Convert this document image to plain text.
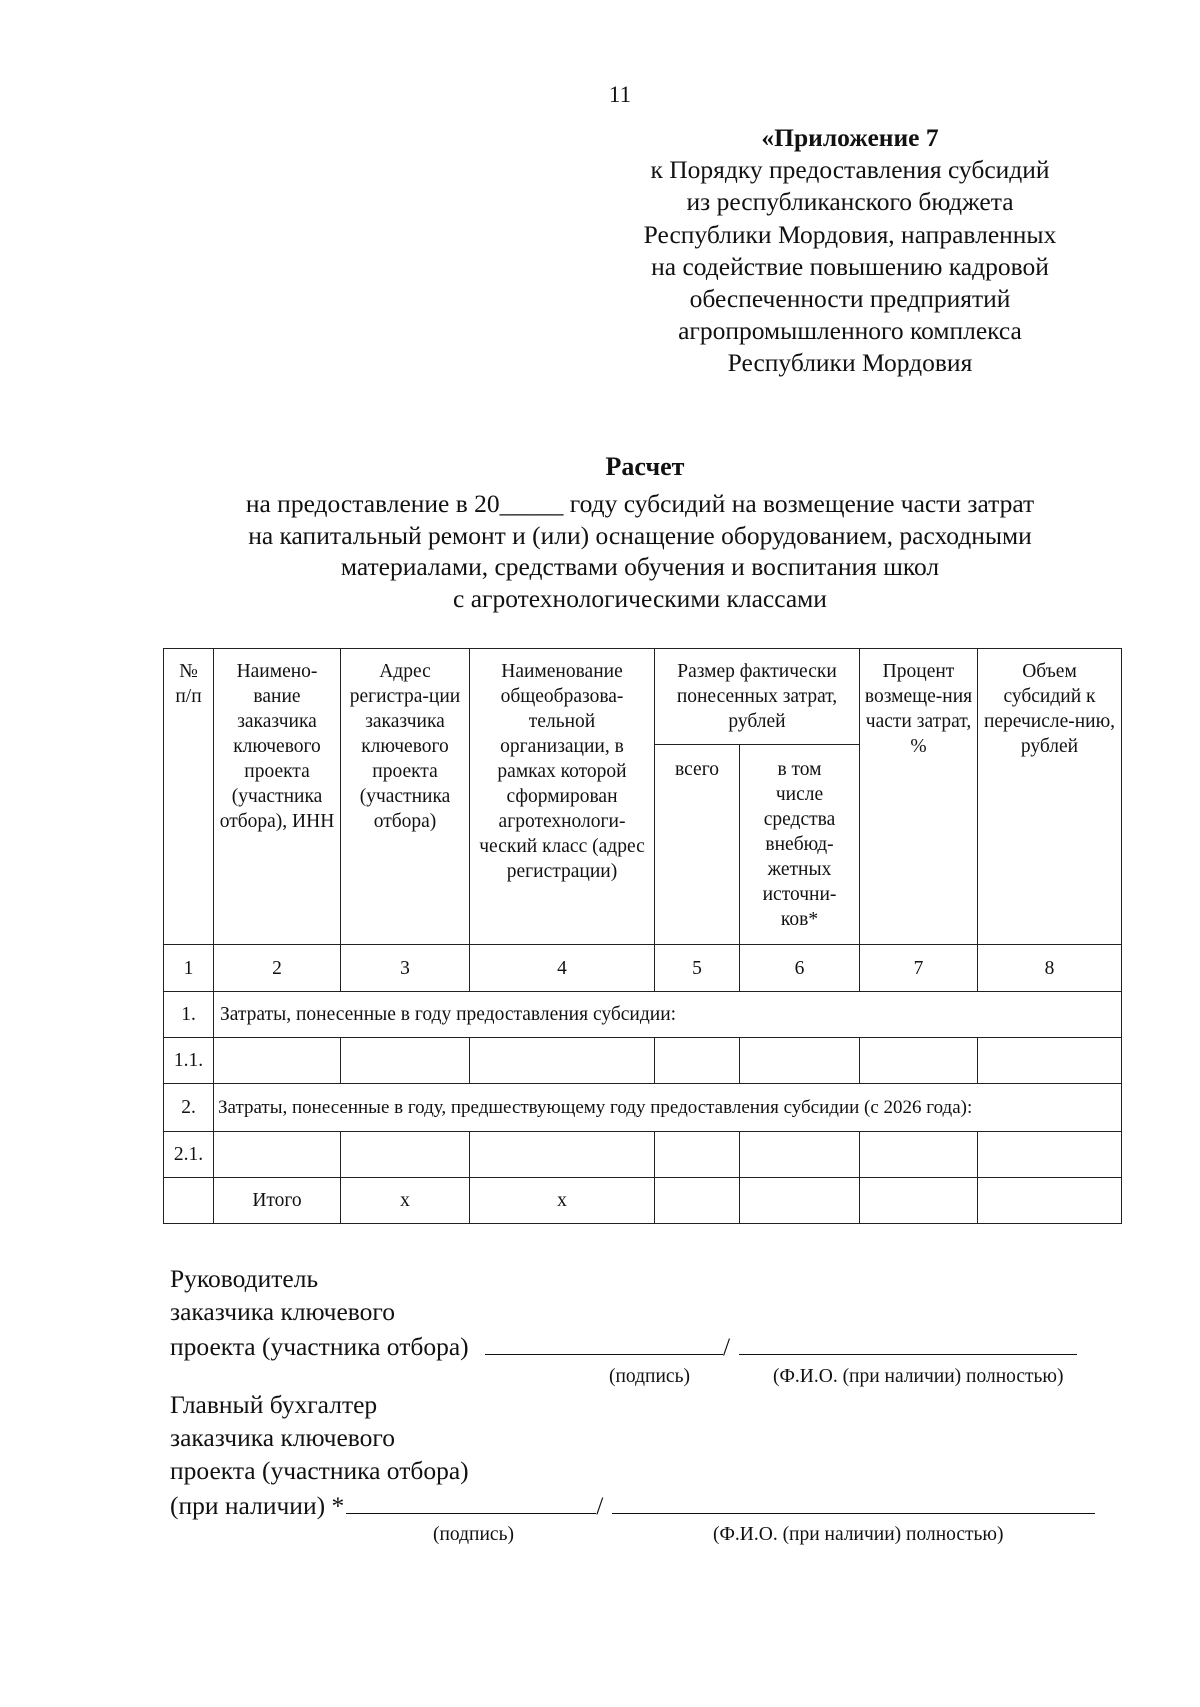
11
«Приложение 7
к Порядку предоставления субсидий
из республиканского бюджета
Республики Мордовия, направленных
на содействие повышению кадровой
обеспеченности предприятий
агропромышленного комплекса
Республики Мордовия
Расчет
на предоставление в 20_____ году субсидий на возмещение части затрат
на капитальный ремонт и (или) оснащение оборудованием, расходными
материалами, средствами обучения и воспитания школ
с агротехнологическими классами
№ п/п	Наимено-вание заказчика ключевого проекта (участника отбора), ИНН	Адрес регистра-ции заказчика ключевого проекта (участника отбора)	Наименование общеобразова-тельной организации, в рамках которой сформирован агротехнологи-ческий класс (адрес регистрации)	Размер фактически понесенных затрат, рублей		Процент возмеще-ния части затрат, %	Объем субсидий к перечисле-нию, рублей
				всего	в том числе средства внебюд-жетных источни-ков*		
1	2	3	4	5	6	7	8
1.	Затраты, понесенные в году предоставления субсидии:						
1.1.							
2.	Затраты, понесенные в году, предшествующему году предоставления субсидии (с 2026 года):						
2.1.							
	Итого	x	x				
Руководитель
заказчика ключевого
проекта (участника отбора)	/
(подпись)	(Ф.И.О. (при наличии) полностью)
Главный бухгалтер
заказчика ключевого
проекта (участника отбора)
(при наличии) *	/
(подпись)	(Ф.И.О. (при наличии) полностью)
